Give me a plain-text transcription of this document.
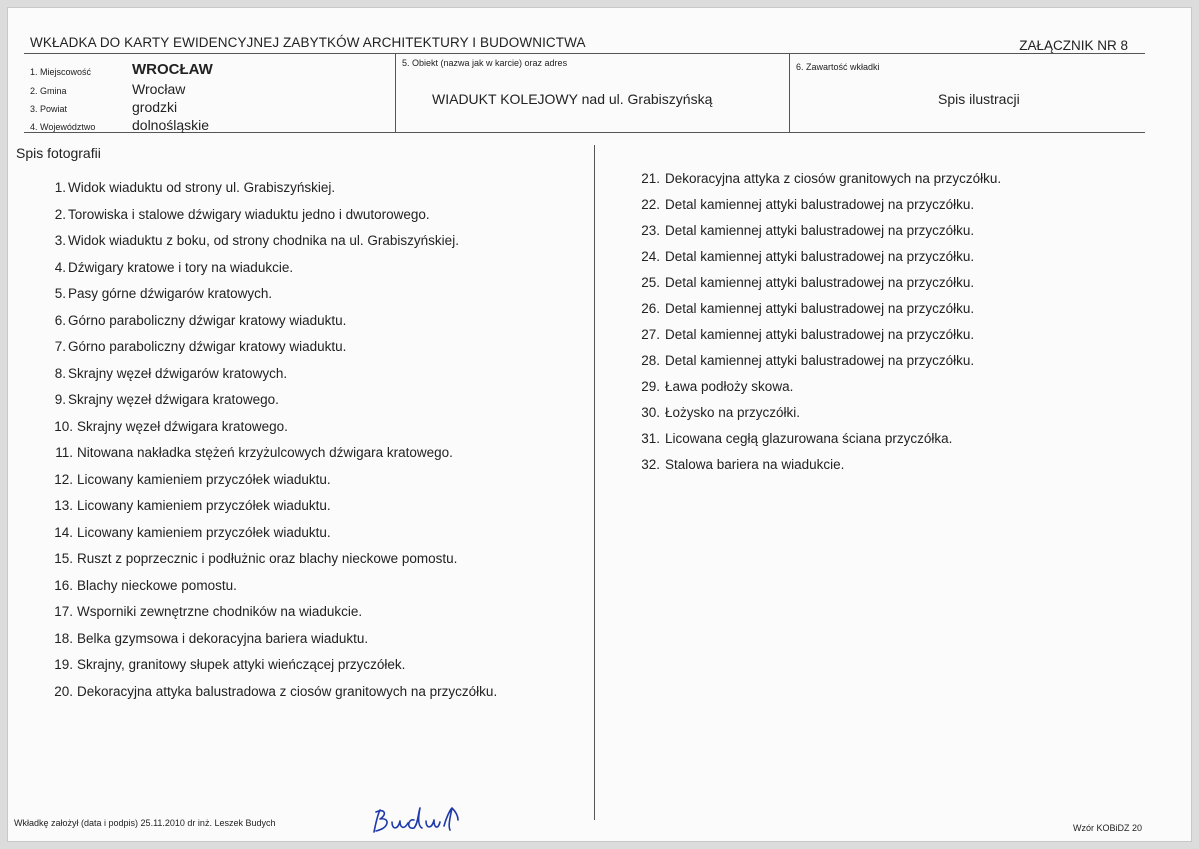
WKŁADKA DO KARTY EWIDENCYJNEJ ZABYTKÓW ARCHITEKTURY I BUDOWNICTWA	ZAŁĄCZNIK NR 8
1. Miejscowość	WROCŁAW
2. Gmina	Wrocław
3. Powiat	grodzki
4. Województwo	dolnośląskie
5. Obiekt (nazwa jak w karcie) oraz adres
WIADUKT KOLEJOWY nad ul. Grabiszyńską
6. Zawartość wkładki
Spis ilustracji
Spis fotografii
1. Widok wiaduktu od strony ul. Grabiszyńskiej.
2. Torowiska i stalowe dźwigary wiaduktu jedno i dwutorowego.
3. Widok wiaduktu z boku, od strony chodnika na ul. Grabiszyńskiej.
4. Dźwigary kratowe i tory na wiadukcie.
5. Pasy górne dźwigarów kratowych.
6. Górno paraboliczny dźwigar kratowy wiaduktu.
7. Górno paraboliczny dźwigar kratowy wiaduktu.
8. Skrajny węzeł dźwigarów kratowych.
9. Skrajny węzeł dźwigara kratowego.
10. Skrajny węzeł dźwigara kratowego.
11. Nitowana nakładka stężeń krzyżulcowych dźwigara kratowego.
12. Licowany kamieniem przyczółek wiaduktu.
13. Licowany kamieniem przyczółek wiaduktu.
14. Licowany kamieniem przyczółek wiaduktu.
15. Ruszt z poprzecznic i podłużnic oraz blachy nieckowe pomostu.
16. Blachy nieckowe pomostu.
17. Wsporniki zewnętrzne chodników na wiadukcie.
18. Belka gzymsowa i dekoracyjna bariera wiaduktu.
19. Skrajny, granitowy słupek attyki wieńczącej przyczółek.
20. Dekoracyjna attyka balustradowa z ciosów granitowych na przyczółku.
21. Dekoracyjna attyka z ciosów granitowych na przyczółku.
22. Detal kamiennej attyki balustradowej na przyczółku.
23. Detal kamiennej attyki balustradowej na przyczółku.
24. Detal kamiennej attyki balustradowej na przyczółku.
25. Detal kamiennej attyki balustradowej na przyczółku.
26. Detal kamiennej attyki balustradowej na przyczółku.
27. Detal kamiennej attyki balustradowej na przyczółku.
28. Detal kamiennej attyki balustradowej na przyczółku.
29. Ława podłoży skowa.
30. Łożysko na przyczółki.
31. Licowana cegłą glazurowana ściana przyczółka.
32. Stalowa bariera na wiadukcie.
Wkładkę założył (data i podpis) 25.11.2010 dr inż. Leszek Budych	Wzór KOBiDZ 20
